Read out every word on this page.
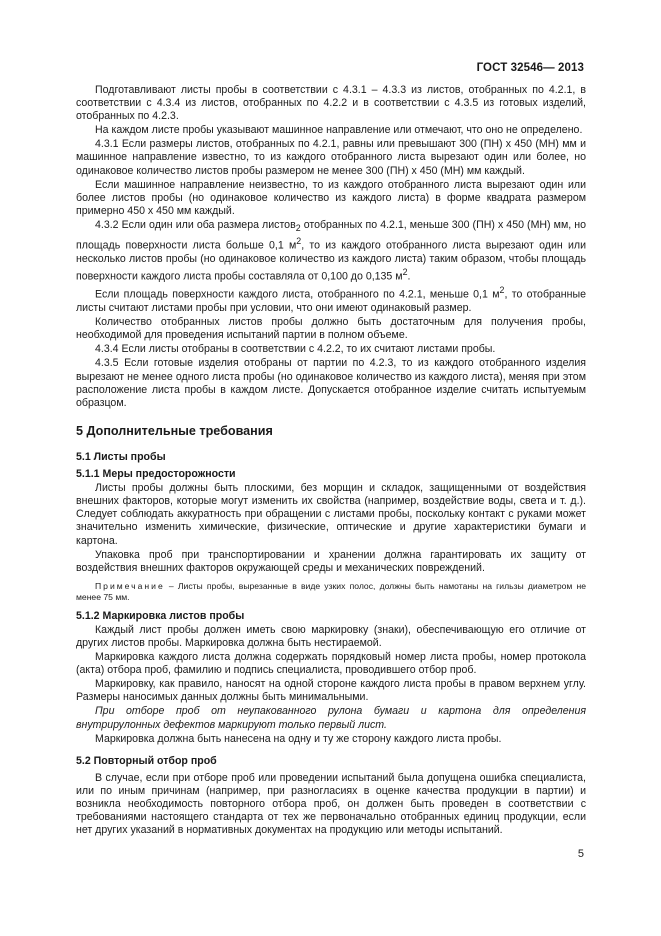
ГОСТ 32546— 2013

Подготавливают листы пробы в соответствии с 4.3.1 – 4.3.3 из листов, отобранных по 4.2.1, в соответствии с 4.3.4 из листов, отобранных по 4.2.2 и в соответствии с 4.3.5 из готовых изделий, отобранных по 4.2.3.

На каждом листе пробы указывают машинное направление или отмечают, что оно не определено.

4.3.1 Если размеры листов, отобранных по 4.2.1, равны или превышают 300 (ПН) x 450 (МН) мм и машинное направление известно, то из каждого отобранного листа вырезают один или более, но одинаковое количество листов пробы размером не менее 300 (ПН) x 450 (МН) мм каждый.

Если машинное направление неизвестно, то из каждого отобранного листа вырезают один или более листов пробы (но одинаковое количество из каждого листа) в форме квадрата размером примерно 450 x 450 мм каждый.

4.3.2 Если один или оба размера листов$_2$ отобранных по 4.2.1, меньше 300 (ПН) x 450 (МН) мм, но площадь поверхности листа больше 0,1 $м^2$, то из каждого отобранного листа вырезают один или несколько листов пробы (но одинаковое количество из каждого листа) таким образом, чтобы площадь поверхности каждого листа пробы составляла от 0,100 до 0,135 $м^2$.

Если площадь поверхности каждого листа, отобранного по 4.2.1, меньше 0,1 $м^2$, то отобранные листы считают листами пробы при условии, что они имеют одинаковый размер.

Количество отобранных листов пробы должно быть достаточным для получения пробы, необходимой для проведения испытаний партии в полном объеме.

4.3.4 Если листы отобраны в соответствии с 4.2.2, то их считают листами пробы.

4.3.5 Если готовые изделия отобраны от партии по 4.2.3, то из каждого отобранного изделия вырезают не менее одного листа пробы (но одинаковое количество из каждого листа), меняя при этом расположение листа пробы в каждом листе. Допускается отобранное изделие считать испытуемым образцом.

5 Дополнительные требования

5.1 Листы пробы

5.1.1 Меры предосторожности

Листы пробы должны быть плоскими, без морщин и складок, защищенными от воздействия внешних факторов, которые могут изменить их свойства (например, воздействие воды, света и т. д.). Следует соблюдать аккуратность при обращении с листами пробы, поскольку контакт с руками может значительно изменить химические, физические, оптические и другие характеристики бумаги и картона.

Упаковка проб при транспортировании и хранении должна гарантировать их защиту от воздействия внешних факторов окружающей среды и механических повреждений.

Примечание – Листы пробы, вырезанные в виде узких полос, должны быть намотаны на гильзы диаметром не менее 75 мм.

5.1.2 Маркировка листов пробы

Каждый лист пробы должен иметь свою маркировку (знаки), обеспечивающую его отличие от других листов пробы. Маркировка должна быть нестираемой.

Маркировка каждого листа должна содержать порядковый номер листа пробы, номер протокола (акта) отбора проб, фамилию и подпись специалиста, проводившего отбор проб.

Маркировку, как правило, наносят на одной стороне каждого листа пробы в правом верхнем углу. Размеры наносимых данных должны быть минимальными.

При отборе проб от неупакованного рулона бумаги и картона для определения внутрирулонных дефектов маркируют только первый лист.

Маркировка должна быть нанесена на одну и ту же сторону каждого листа пробы.

5.2 Повторный отбор проб

В случае, если при отборе проб или проведении испытаний была допущена ошибка специалиста, или по иным причинам (например, при разногласиях в оценке качества продукции в партии) и возникла необходимость повторного отбора проб, он должен быть проведен в соответствии с требованиями настоящего стандарта от тех же первоначально отобранных единиц продукции, если нет других указаний в нормативных документах на продукцию или методы испытаний.

5
